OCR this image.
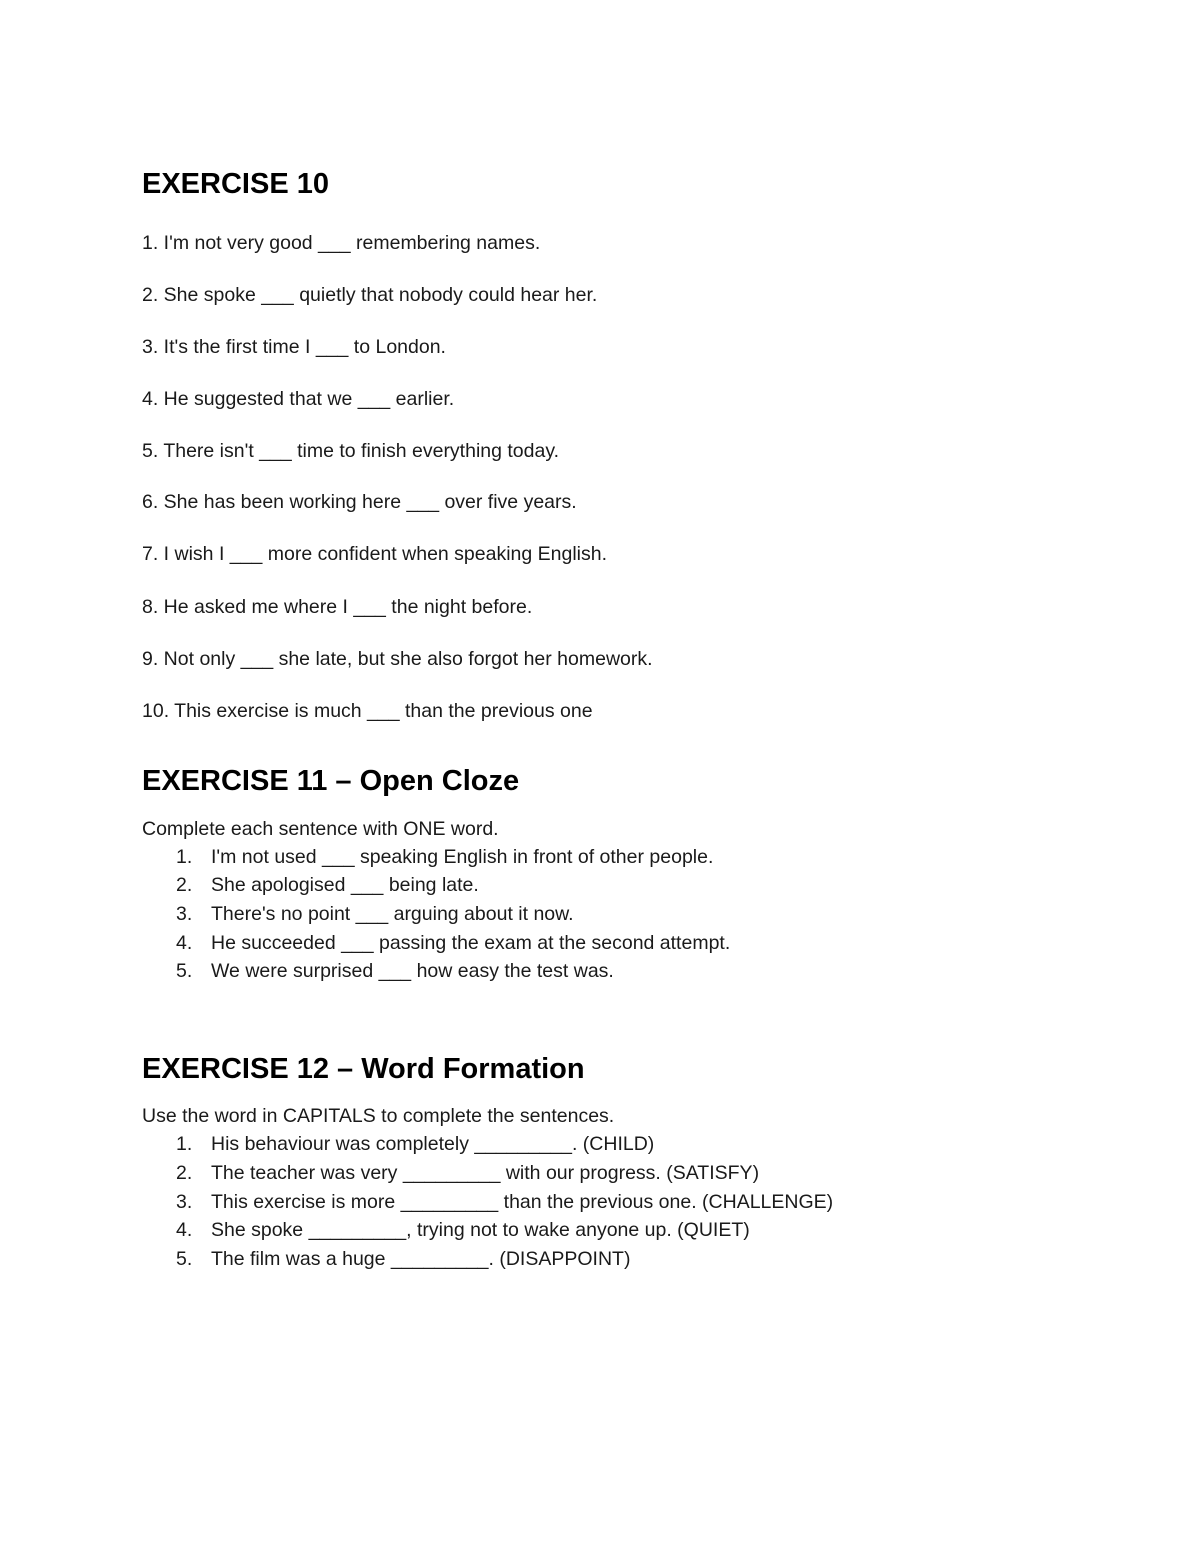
EXERCISE 10
1. I'm not very good ___ remembering names.
2. She spoke ___ quietly that nobody could hear her.
3. It's the first time I ___ to London.
4. He suggested that we ___ earlier.
5. There isn't ___ time to finish everything today.
6. She has been working here ___ over five years.
7. I wish I ___ more confident when speaking English.
8. He asked me where I ___ the night before.
9. Not only ___ she late, but she also forgot her homework.
10. This exercise is much ___ than the previous one
EXERCISE 11 – Open Cloze
Complete each sentence with ONE word.
1. I'm not used ___ speaking English in front of other people.
2. She apologised ___ being late.
3. There's no point ___ arguing about it now.
4. He succeeded ___ passing the exam at the second attempt.
5. We were surprised ___ how easy the test was.
EXERCISE 12 – Word Formation
Use the word in CAPITALS to complete the sentences.
1. His behaviour was completely _________. (CHILD)
2. The teacher was very _________ with our progress. (SATISFY)
3. This exercise is more _________ than the previous one. (CHALLENGE)
4. She spoke _________, trying not to wake anyone up. (QUIET)
5. The film was a huge _________. (DISAPPOINT)
